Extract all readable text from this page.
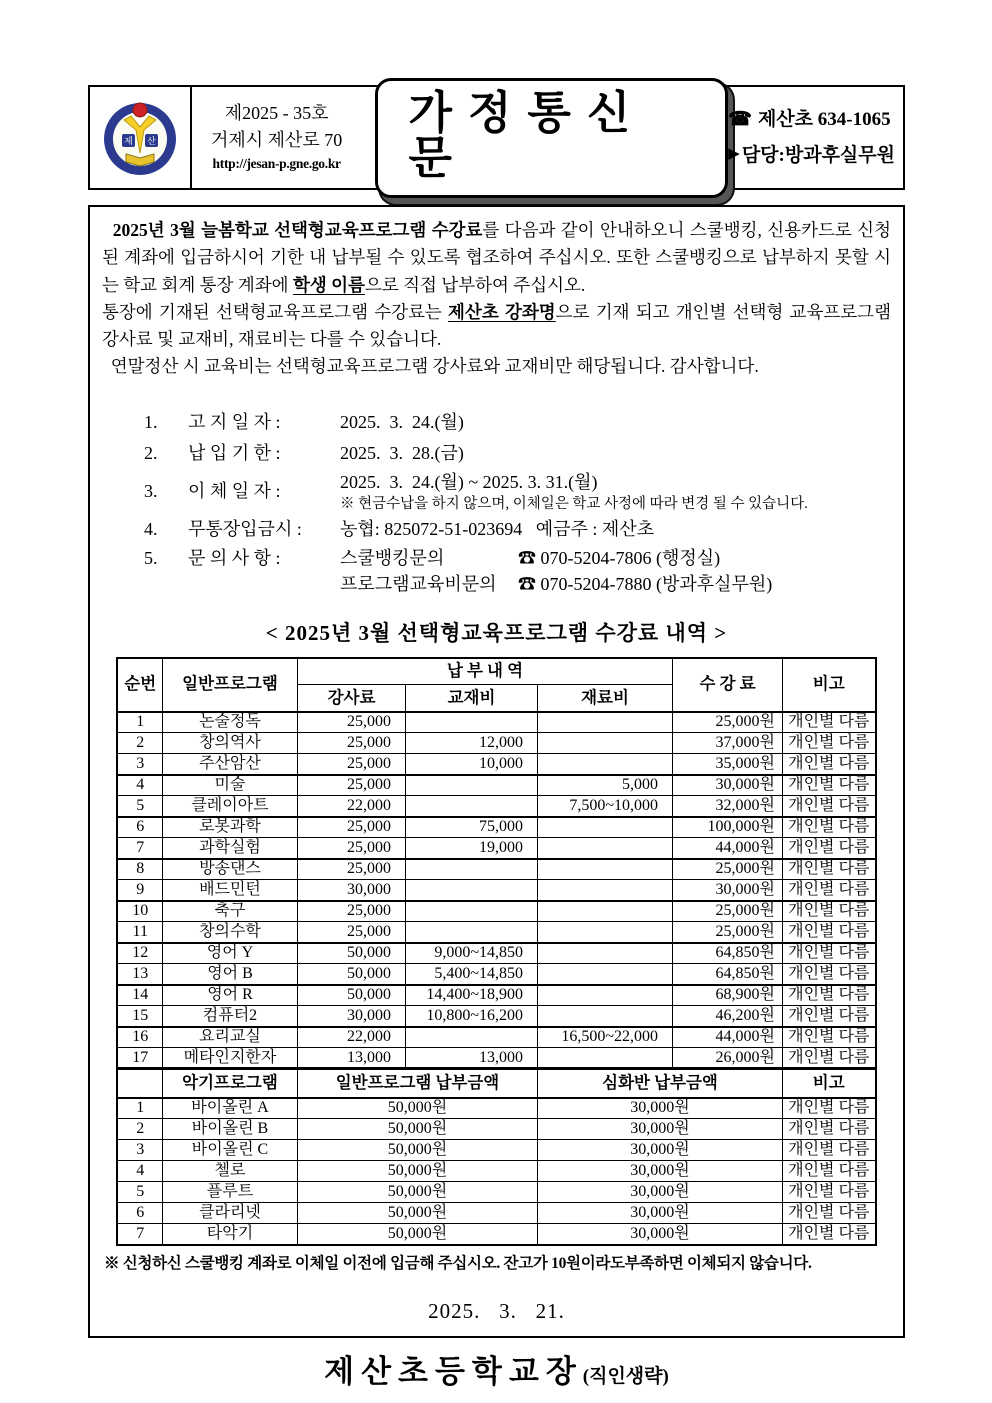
제 산
제2025 - 35호
거제시 제산로 70
http://jesan-p.gne.go.kr
가정통신문
☎ 제산초 634-1065
▶ 담당:방과후실무원
2025년 3월 늘봄학교 선택형교육프로그램 수강료를 다음과 같이 안내하오니 스쿨뱅킹, 신용카드로 신청된 계좌에 입금하시어 기한 내 납부될 수 있도록 협조하여 주십시오. 또한 스쿨뱅킹으로 납부하지 못할 시는 학교 회계 통장 계좌에 학생 이름으로 직접 납부하여 주십시오.
통장에 기재된 선택형교육프로그램 수강료는 제산초 강좌명으로 기재 되고 개인별 선택형 교육프로그램 강사료 및 교재비, 재료비는 다를 수 있습니다.
연말정산 시 교육비는 선택형교육프로그램 강사료와 교재비만 해당됩니다. 감사합니다.
1.	고 지 일 자 :	2025.  3.  24.(월)
2.	납 입 기 한 :	2025.  3.  28.(금)
3.	이 체 일 자 :	2025.  3.  24.(월) ~ 2025. 3. 31.(월)
※ 현금수납을 하지 않으며, 이체일은 학교 사정에 따라 변경 될 수 있습니다.
4.	무통장입금시 :	농협: 825072-51-023694   예금주 : 제산초
5.	문 의 사 항 :	스쿨뱅킹문의	☎ 070-5204-7806 (행정실)
프로그램교육비문의	☎ 070-5204-7880 (방과후실무원)
< 2025년 3월 선택형교육프로그램 수강료 내역 >
순번	일반프로그램	납 부 내 역			수 강 료	비고
		강사료	교재비	재료비		
1	논술정독	25,000			25,000원	개인별 다름
2	창의역사	25,000	12,000		37,000원	개인별 다름
3	주산암산	25,000	10,000		35,000원	개인별 다름
4	미술	25,000		5,000	30,000원	개인별 다름
5	클레이아트	22,000		7,500~10,000	32,000원	개인별 다름
6	로봇과학	25,000	75,000		100,000원	개인별 다름
7	과학실험	25,000	19,000		44,000원	개인별 다름
8	방송댄스	25,000			25,000원	개인별 다름
9	배드민턴	30,000			30,000원	개인별 다름
10	축구	25,000			25,000원	개인별 다름
11	창의수학	25,000			25,000원	개인별 다름
12	영어 Y	50,000	9,000~14,850		64,850원	개인별 다름
13	영어 B	50,000	5,400~14,850		64,850원	개인별 다름
14	영어 R	50,000	14,400~18,900		68,900원	개인별 다름
15	컴퓨터2	30,000	10,800~16,200		46,200원	개인별 다름
16	요리교실	22,000		16,500~22,000	44,000원	개인별 다름
17	메타인지한자	13,000	13,000		26,000원	개인별 다름
	악기프로그램	일반프로그램 납부금액		심화반 납부금액		비고
1	바이올린 A	50,000원		30,000원		개인별 다름
2	바이올린 B	50,000원		30,000원		개인별 다름
3	바이올린 C	50,000원		30,000원		개인별 다름
4	첼로	50,000원		30,000원		개인별 다름
5	플루트	50,000원		30,000원		개인별 다름
6	클라리넷	50,000원		30,000원		개인별 다름
7	타악기	50,000원		30,000원		개인별 다름
※ 신청하신 스쿨뱅킹 계좌로 이체일 이전에 입금해 주십시오. 잔고가 10원이라도부족하면 이체되지 않습니다.
2025.   3.   21.
제산초등학교장(직인생략)
